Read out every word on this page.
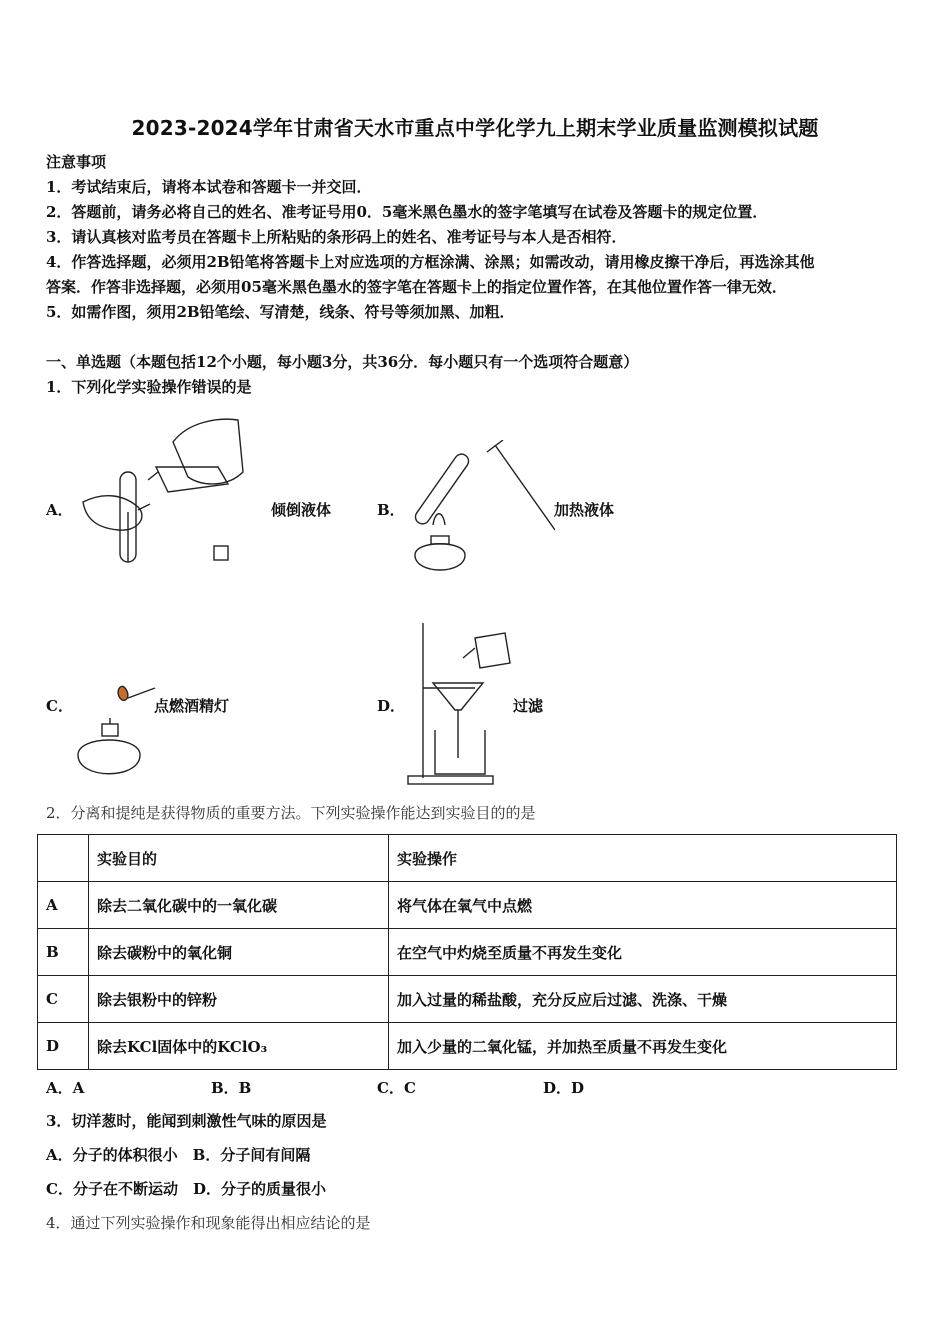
2023-2024学年甘肃省天水市重点中学化学九上期末学业质量监测模拟试题
注意事项
1．考试结束后，请将本试卷和答题卡一并交回．
2．答题前，请务必将自己的姓名、准考证号用0．5毫米黑色墨水的签字笔填写在试卷及答题卡的规定位置．
3．请认真核对监考员在答题卡上所粘贴的条形码上的姓名、准考证号与本人是否相符．
4．作答选择题，必须用2B铅笔将答题卡上对应选项的方框涂满、涂黑；如需改动，请用橡皮擦干净后，再选涂其他
答案．作答非选择题，必须用05毫米黑色墨水的签字笔在答题卡上的指定位置作答，在其他位置作答一律无效．
5．如需作图，须用2B铅笔绘、写清楚，线条、符号等须加黑、加粗．
一、单选题（本题包括12个小题，每小题3分，共36分．每小题只有一个选项符合题意）
1．下列化学实验操作错误的是
A．	倾倒液体	B．	加热液体
C．	点燃酒精灯	D．	过滤
2．分离和提纯是获得物质的重要方法。下列实验操作能达到实验目的的是
	实验目的	实验操作
A	除去二氧化碳中的一氧化碳	将气体在氧气中点燃
B	除去碳粉中的氧化铜	在空气中灼烧至质量不再发生变化
C	除去银粉中的锌粉	加入过量的稀盐酸，充分反应后过滤、洗涤、干燥
D	除去KCl固体中的KClO₃	加入少量的二氧化锰，并加热至质量不再发生变化
A．A	B．B	C．C	D．D
3．切洋葱时，能闻到刺激性气味的原因是
A．分子的体积很小　B．分子间有间隔
C．分子在不断运动　D．分子的质量很小
4．通过下列实验操作和现象能得出相应结论的是
